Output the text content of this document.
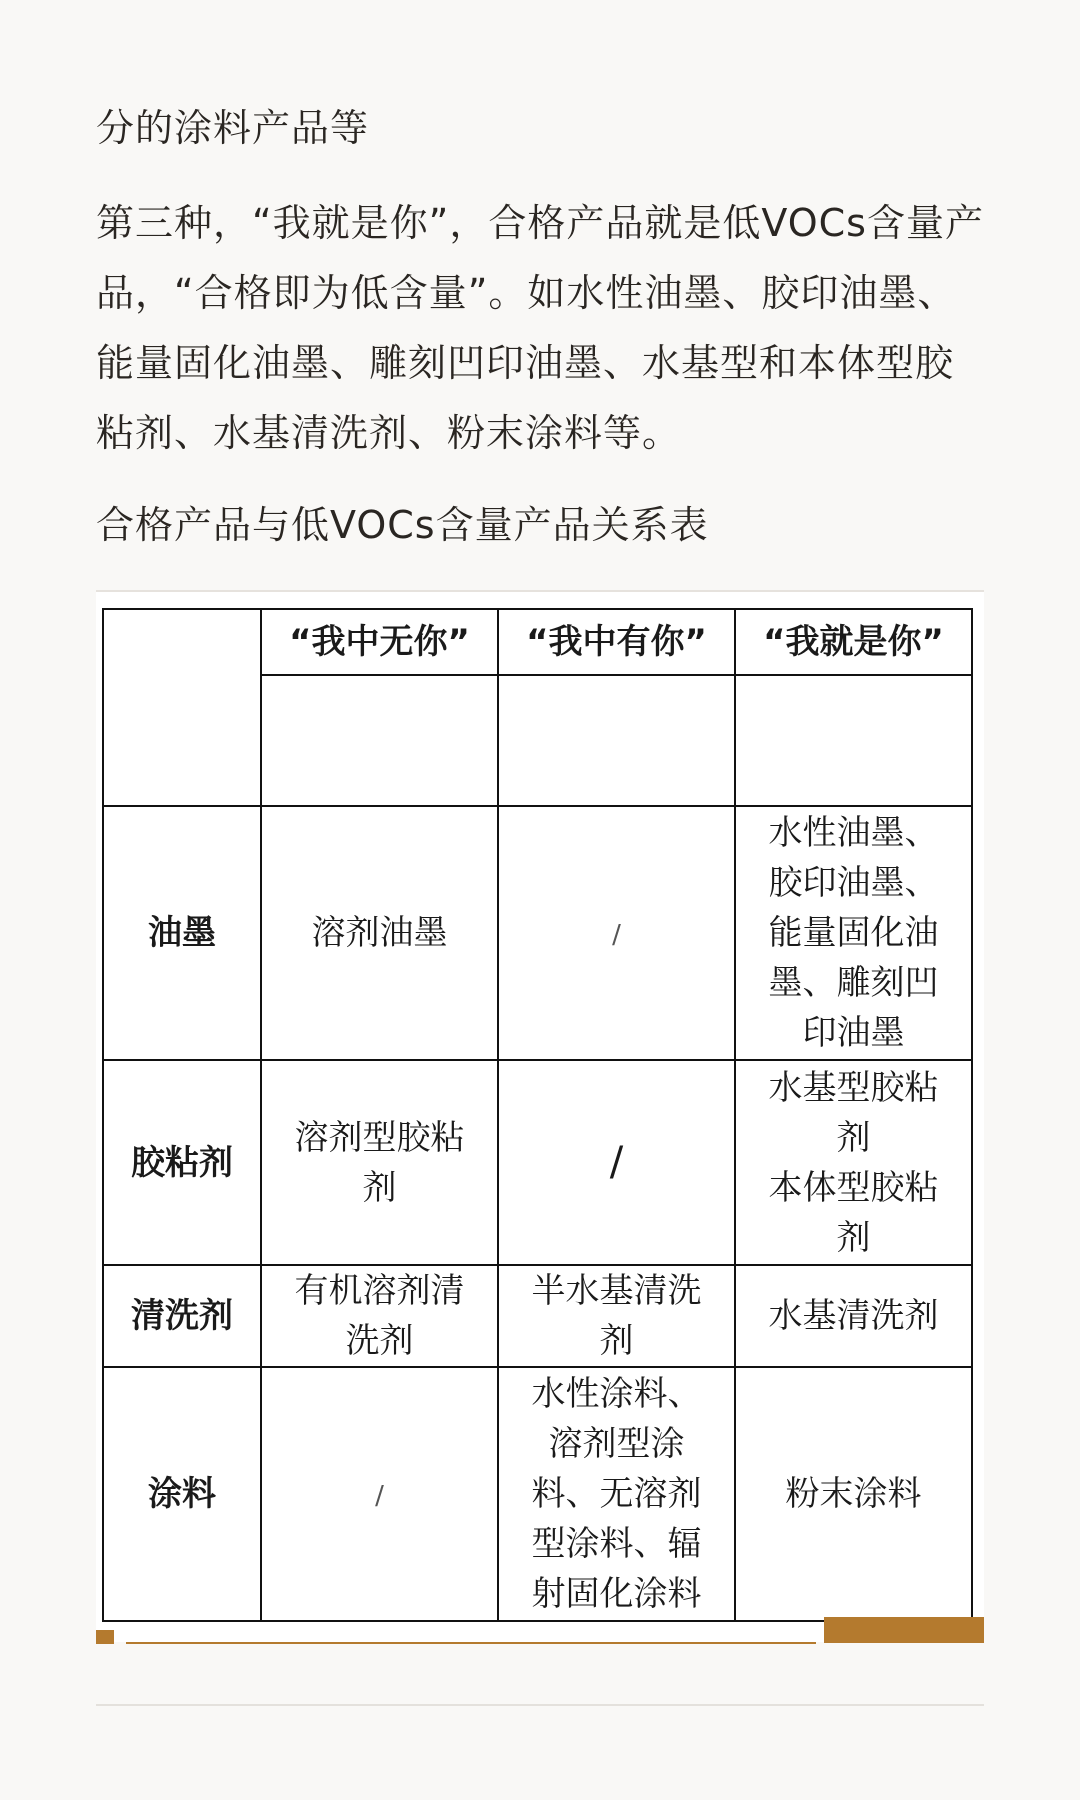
分的涂料产品等
第三种，“我就是你”，合格产品就是低VOCs含量产品，“合格即为低含量”。如水性油墨、胶印油墨、能量固化油墨、雕刻凹印油墨、水基型和本体型胶粘剂、水基清洗剂、粉末涂料等。
合格产品与低VOCs含量产品关系表
	“我中无你”	“我中有你”	“我就是你”

油墨	溶剂油墨	/	水性油墨、
胶印油墨、
能量固化油
墨、雕刻凹
印油墨
胶粘剂	溶剂型胶粘
剂	/	水基型胶粘
剂
本体型胶粘
剂
清洗剂	有机溶剂清
洗剂	半水基清洗
剂	水基清洗剂
涂料	/	水性涂料、
溶剂型涂
料、无溶剂
型涂料、辐
射固化涂料	粉末涂料
